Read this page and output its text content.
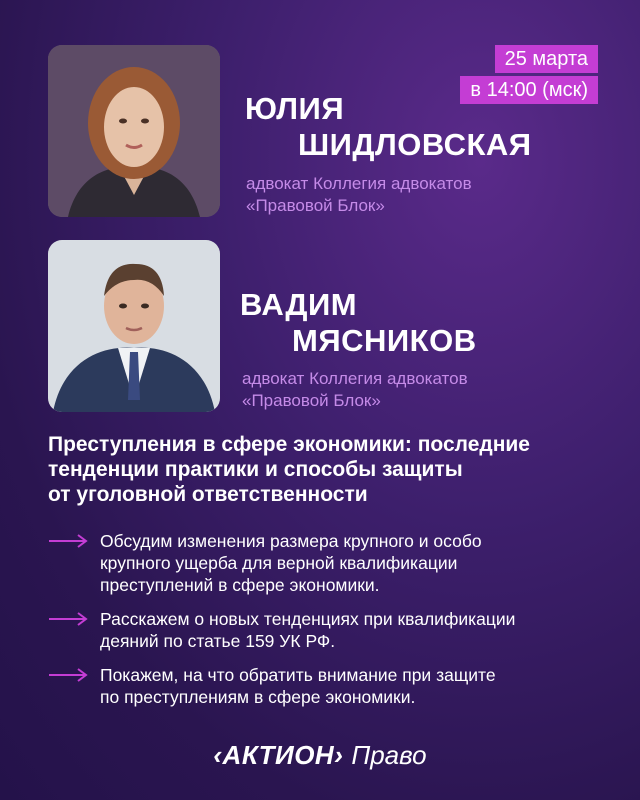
25 марта
в 14:00 (мск)
ЮЛИЯ
ШИДЛОВСКАЯ
адвокат Коллегия адвокатов
«Правовой Блок»
ВАДИМ
МЯСНИКОВ
адвокат Коллегия адвокатов
«Правовой Блок»
Преступления в сфере экономики: последние
тенденции практики и способы защиты
от уголовной ответственности
Обсудим изменения размера крупного и особо
крупного ущерба для верной квалификации
преступлений в сфере экономики.
Расскажем о новых тенденциях при квалификации
деяний по статье 159 УК РФ.
Покажем, на что обратить внимание при защите
по преступлениям в сфере экономики.
‹АКТИОН› Право
